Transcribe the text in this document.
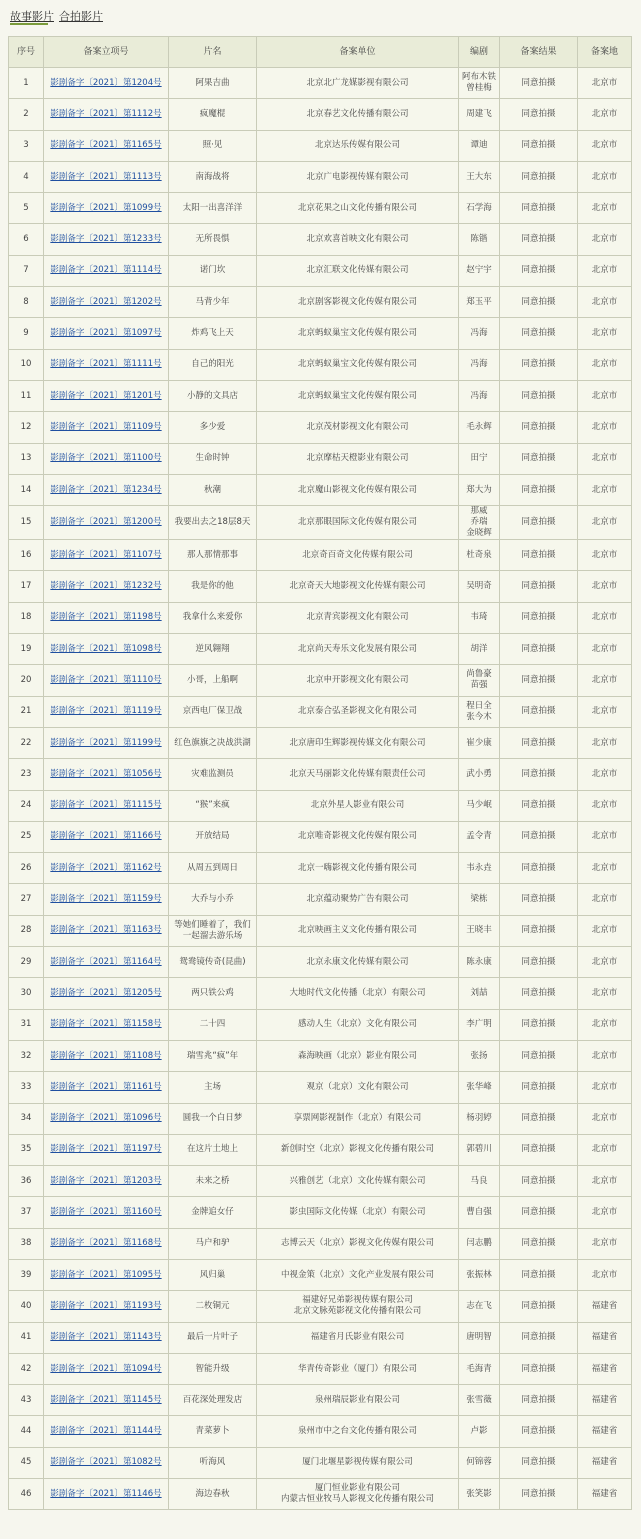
故事影片 合拍影片
序号	备案立项号	片名	备案单位	编剧	备案结果	备案地
1	影剧备字〔2021〕第1204号	阿果吉曲	北京北广龙媒影视有限公司	阿布木铁
曾桂梅	同意拍摄	北京市
2	影剧备字〔2021〕第1112号	疯魔棍	北京春艺文化传播有限公司	周建飞	同意拍摄	北京市
3	影剧备字〔2021〕第1165号	照·见	北京达乐传媒有限公司	谭迪	同意拍摄	北京市
4	影剧备字〔2021〕第1113号	南海战将	北京广电影视传媒有限公司	王大东	同意拍摄	北京市
5	影剧备字〔2021〕第1099号	太阳一出喜洋洋	北京花果之山文化传播有限公司	石学海	同意拍摄	北京市
6	影剧备字〔2021〕第1233号	无所畏惧	北京欢喜首映文化有限公司	陈锴	同意拍摄	北京市
7	影剧备字〔2021〕第1114号	诺门坎	北京汇联文化传媒有限公司	赵宁宇	同意拍摄	北京市
8	影剧备字〔2021〕第1202号	马背少年	北京剧客影视文化传媒有限公司	郑玉平	同意拍摄	北京市
9	影剧备字〔2021〕第1097号	炸鸡飞上天	北京蚂蚁巢宝文化传媒有限公司	冯海	同意拍摄	北京市
10	影剧备字〔2021〕第1111号	自己的阳光	北京蚂蚁巢宝文化传媒有限公司	冯海	同意拍摄	北京市
11	影剧备字〔2021〕第1201号	小静的文具店	北京蚂蚁巢宝文化传媒有限公司	冯海	同意拍摄	北京市
12	影剧备字〔2021〕第1109号	多少爱	北京茂材影视文化有限公司	毛永辉	同意拍摄	北京市
13	影剧备字〔2021〕第1100号	生命时钟	北京摩枯天橙影业有限公司	田宁	同意拍摄	北京市
14	影剧备字〔2021〕第1234号	秋潮	北京魔山影视文化传媒有限公司	郑大为	同意拍摄	北京市
15	影剧备字〔2021〕第1200号	我要出去之18层8天	北京那眼国际文化传媒有限公司	那威
乔瑞
金晓辉	同意拍摄	北京市
16	影剧备字〔2021〕第1107号	那人那情那事	北京奇百奇文化传媒有限公司	杜奇泉	同意拍摄	北京市
17	影剧备字〔2021〕第1232号	我是你的他	北京奇天大地影视文化传媒有限公司	吴明奇	同意拍摄	北京市
18	影剧备字〔2021〕第1198号	我拿什么来爱你	北京青宾影视文化有限公司	韦琦	同意拍摄	北京市
19	影剧备字〔2021〕第1098号	逆风翱翔	北京尚天寿乐文化发展有限公司	胡洋	同意拍摄	北京市
20	影剧备字〔2021〕第1110号	小哥，上船啊	北京申开影视文化有限公司	尚鲁豪
苗强	同意拍摄	北京市
21	影剧备字〔2021〕第1119号	京西电厂保卫战	北京泰合弘圣影视文化有限公司	程日全
张今木	同意拍摄	北京市
22	影剧备字〔2021〕第1199号	红色旗旗之决战洪湖	北京唐印生辉影视传媒文化有限公司	崔少康	同意拍摄	北京市
23	影剧备字〔2021〕第1056号	灾难监测员	北京天马丽影文化传媒有限责任公司	武小勇	同意拍摄	北京市
24	影剧备字〔2021〕第1115号	“猴”来疯	北京外星人影业有限公司	马少岷	同意拍摄	北京市
25	影剧备字〔2021〕第1166号	开放结局	北京唯奇影视文化传媒有限公司	孟令青	同意拍摄	北京市
26	影剧备字〔2021〕第1162号	从周五到周日	北京一嗨影视文化传播有限公司	韦永垚	同意拍摄	北京市
27	影剧备字〔2021〕第1159号	大乔与小乔	北京蕴动聚势广告有限公司	梁栋	同意拍摄	北京市
28	影剧备字〔2021〕第1163号	等她们睡着了，我们一起溜去游乐场	北京映画主义文化传播有限公司	王晓丰	同意拍摄	北京市
29	影剧备字〔2021〕第1164号	鸳鸯镜传奇(昆曲)	北京永康文化传媒有限公司	陈永康	同意拍摄	北京市
30	影剧备字〔2021〕第1205号	两只铁公鸡	大地时代文化传播（北京）有限公司	刘喆	同意拍摄	北京市
31	影剧备字〔2021〕第1158号	二十四	感动人生（北京）文化有限公司	李广明	同意拍摄	北京市
32	影剧备字〔2021〕第1108号	瑞雪兆“疯”年	森海映画（北京）影业有限公司	张扬	同意拍摄	北京市
33	影剧备字〔2021〕第1161号	主场	观京（北京）文化有限公司	张华峰	同意拍摄	北京市
34	影剧备字〔2021〕第1096号	圆我一个白日梦	享票网影视制作（北京）有限公司	杨羽婷	同意拍摄	北京市
35	影剧备字〔2021〕第1197号	在这片土地上	新创时空（北京）影视文化传播有限公司	郭碧川	同意拍摄	北京市
36	影剧备字〔2021〕第1203号	未来之桥	兴雅创艺（北京）文化传媒有限公司	马良	同意拍摄	北京市
37	影剧备字〔2021〕第1160号	金牌追女仔	影虫国际文化传媒（北京）有限公司	曹自强	同意拍摄	北京市
38	影剧备字〔2021〕第1168号	马户和驴	志博云天（北京）影视文化传媒有限公司	闫志鹏	同意拍摄	北京市
39	影剧备字〔2021〕第1095号	风归巢	中视金策（北京）文化产业发展有限公司	张振林	同意拍摄	北京市
40	影剧备字〔2021〕第1193号	二枚铜元	福建好兄弟影视传媒有限公司
北京文脉苑影视文化传播有限公司	志在飞	同意拍摄	福建省
41	影剧备字〔2021〕第1143号	最后一片叶子	福建省月氏影业有限公司	唐明智	同意拍摄	福建省
42	影剧备字〔2021〕第1094号	智能升级	华青传奇影业（厦门）有限公司	毛海青	同意拍摄	福建省
43	影剧备字〔2021〕第1145号	百花深处理发店	泉州瑞辰影业有限公司	张雪薇	同意拍摄	福建省
44	影剧备字〔2021〕第1144号	青菜萝卜	泉州市中之台文化传播有限公司	卢影	同意拍摄	福建省
45	影剧备字〔2021〕第1082号	听海风	厦门北堰星影视传媒有限公司	何锦蓉	同意拍摄	福建省
46	影剧备字〔2021〕第1146号	海边春秋	厦门恒业影业有限公司
内蒙古恒业牧马人影视文化传播有限公司	张笑影	同意拍摄	福建省
